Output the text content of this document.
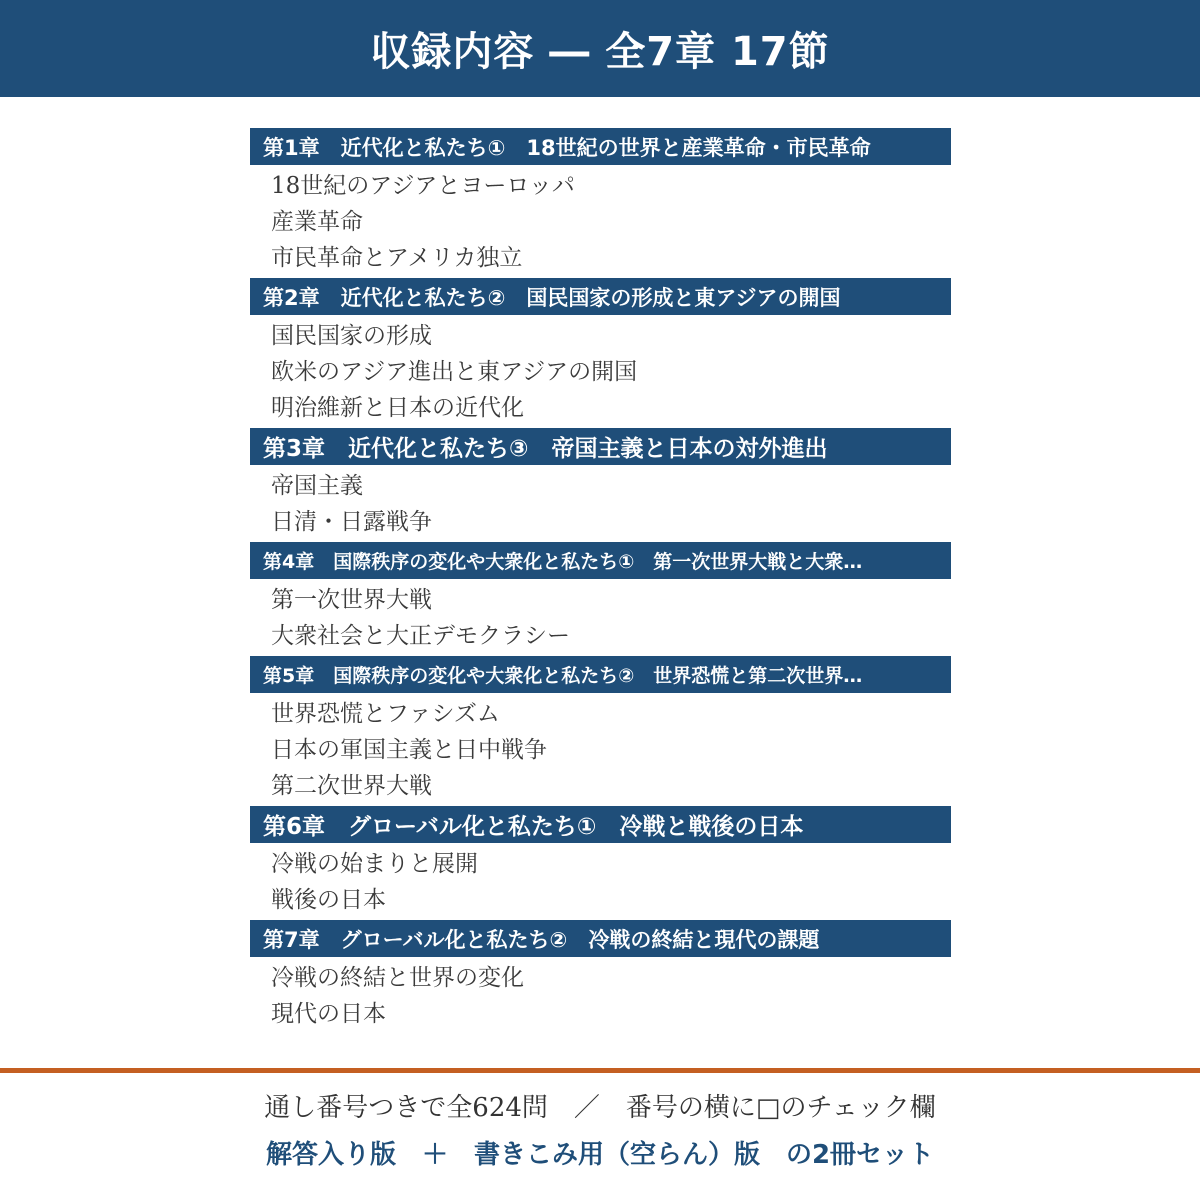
収録内容 ― 全7章 17節
第1章　近代化と私たち①　18世紀の世界と産業革命・市民革命
18世紀のアジアとヨーロッパ
産業革命
市民革命とアメリカ独立
第2章　近代化と私たち②　国民国家の形成と東アジアの開国
国民国家の形成
欧米のアジア進出と東アジアの開国
明治維新と日本の近代化
第3章　近代化と私たち③　帝国主義と日本の対外進出
帝国主義
日清・日露戦争
第4章　国際秩序の変化や大衆化と私たち①　第一次世界大戦と大衆…
第一次世界大戦
大衆社会と大正デモクラシー
第5章　国際秩序の変化や大衆化と私たち②　世界恐慌と第二次世界…
世界恐慌とファシズム
日本の軍国主義と日中戦争
第二次世界大戦
第6章　グローバル化と私たち①　冷戦と戦後の日本
冷戦の始まりと展開
戦後の日本
第7章　グローバル化と私たち②　冷戦の終結と現代の課題
冷戦の終結と世界の変化
現代の日本
通し番号つきで全624問　／　番号の横に□のチェック欄
解答入り版　＋　書きこみ用（空らん）版　の2冊セット
